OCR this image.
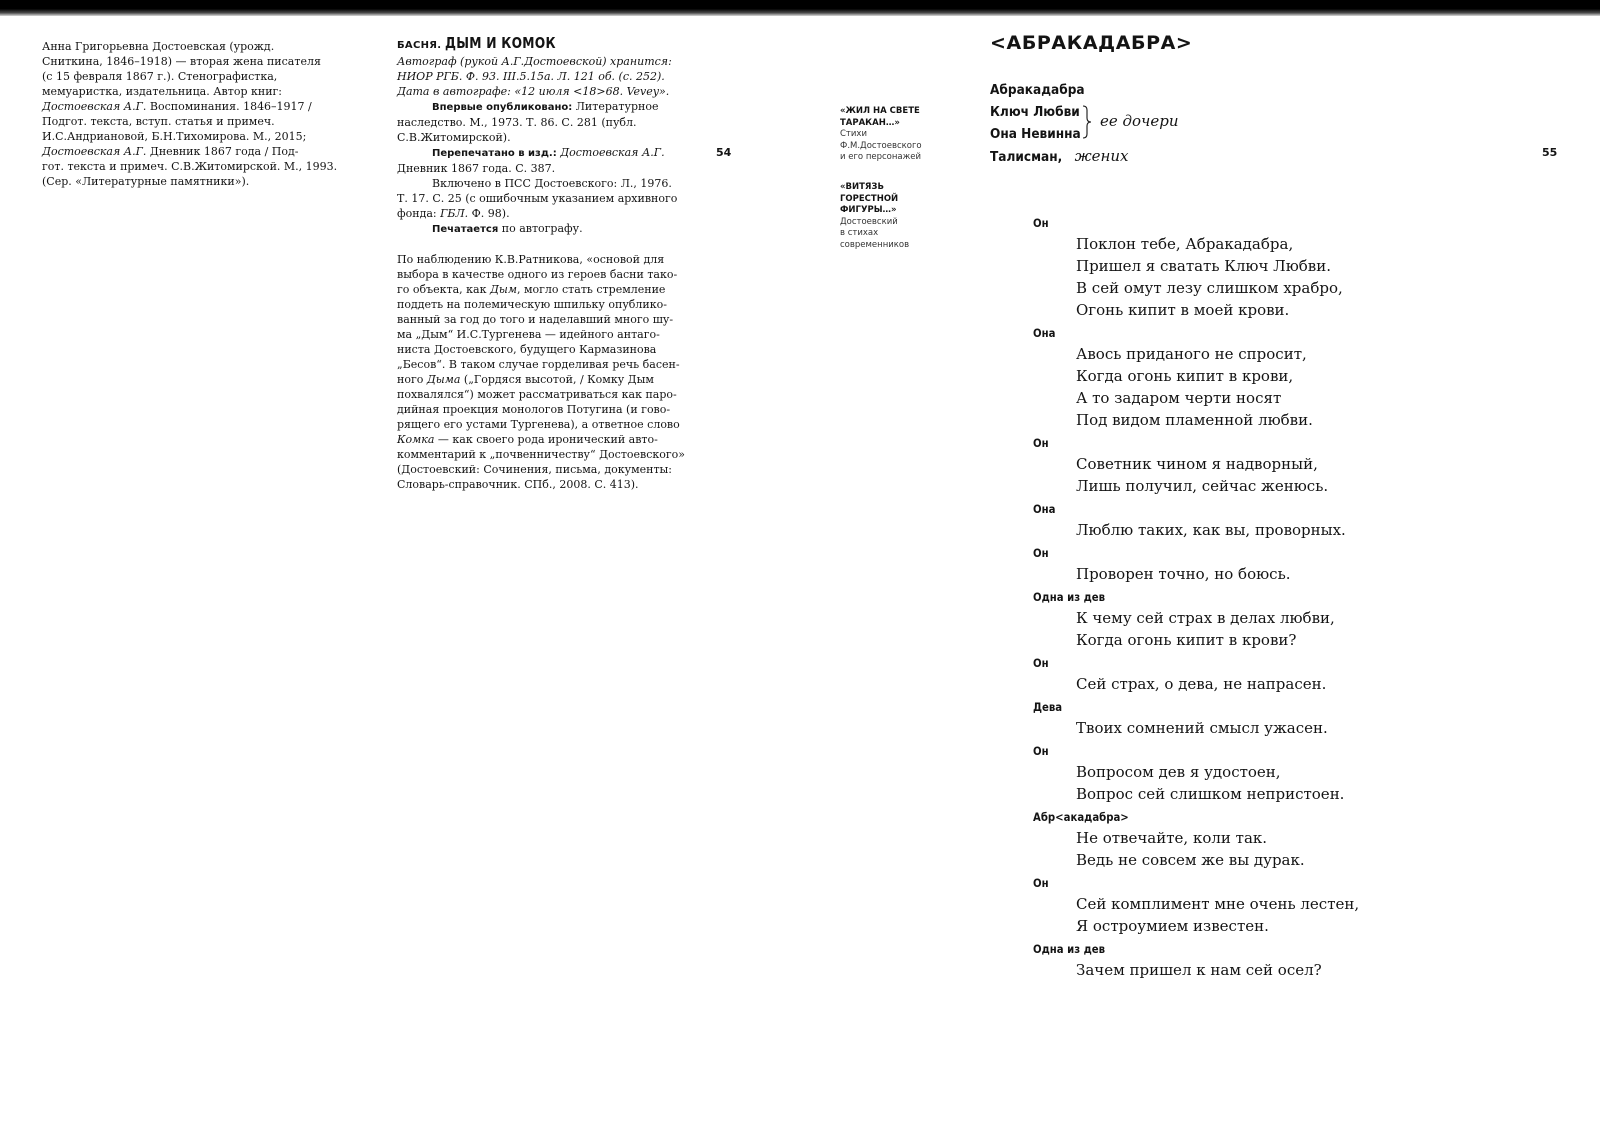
Анна Григорьевна Достоевская (урожд.
Сниткина, 1846–1918) — вторая жена писателя
(с 15 февраля 1867 г.). Стенографистка,
мемуаристка, издательница. Автор книг:
Достоевская А.Г. Воспоминания. 1846–1917 /
Подгот. текста, вступ. статья и примеч.
И.С.Андриановой, Б.Н.Тихомирова. М., 2015;
Достоевская А.Г. Дневник 1867 года / Под-
гот. текста и примеч. С.В.Житомирской. М., 1993.
(Сер. «Литературные памятники»).
БАСНЯ. ДЫМ И КОМОК
Автограф (рукой А.Г.Достоевской) хранится:
НИОР РГБ. Ф. 93. III.5.15а. Л. 121 об. (с. 252).
Дата в автографе: «12 июля <18>68. Vevey».
Впервые опубликовано: Литературное
наследство. М., 1973. Т. 86. С. 281 (публ.
С.В.Житомирской).
Перепечатано в изд.: Достоевская А.Г.
Дневник 1867 года. С. 387.
Включено в ПСС Достоевского: Л., 1976.
Т. 17. С. 25 (с ошибочным указанием архивного
фонда: ГБЛ. Ф. 98).
Печатается по автографу.
По наблюдению К.В.Ратникова, «основой для
выбора в качестве одного из героев басни тако-
го объекта, как Дым, могло стать стремление
поддеть на полемическую шпильку опублико-
ванный за год до того и наделавший много шу-
ма „Дым“ И.С.Тургенева — идейного антаго-
ниста Достоевского, будущего Кармазинова
„Бесов“. В таком случае горделивая речь басен-
ного Дыма („Гордяся высотой, / Комку Дым
похвалялся“) может рассматриваться как паро-
дийная проекция монологов Потугина (и гово-
рящего его устами Тургенева), а ответное слово
Комка — как своего рода иронический авто-
комментарий к „почвенничеству“ Достоевского»
(Достоевский: Сочинения, письма, документы:
Словарь-справочник. СПб., 2008. С. 413).
54	55
«ЖИЛ НА СВЕТЕ
ТАРАКАН…»
Стихи
Ф.М.Достоевского
и его персонажей
«ВИТЯЗЬ
ГОРЕСТНОЙ
ФИГУРЫ…»
Достоевский
в стихах
современников
<АБРАКАДАБРА>
Абракадабра
Ключ Любви
Она Невинна
Талисман, жених
ее дочери
Он
Поклон тебе, Абракадабра,
Пришел я сватать Ключ Любви.
В сей омут лезу слишком храбро,
Огонь кипит в моей крови.
Она
Авось приданого не спросит,
Когда огонь кипит в крови,
А то задаром черти носят
Под видом пламенной любви.
Он
Советник чином я надворный,
Лишь получил, сейчас женюсь.
Она
Люблю таких, как вы, проворных.
Он
Проворен точно, но боюсь.
Одна из дев
К чему сей страх в делах любви,
Когда огонь кипит в крови?
Он
Сей страх, о дева, не напрасен.
Дева
Твоих сомнений смысл ужасен.
Он
Вопросом дев я удостоен,
Вопрос сей слишком непристоен.
Абр<акадабра>
Не отвечайте, коли так.
Ведь не совсем же вы дурак.
Он
Сей комплимент мне очень лестен,
Я остроумием известен.
Одна из дев
Зачем пришел к нам сей осел?
